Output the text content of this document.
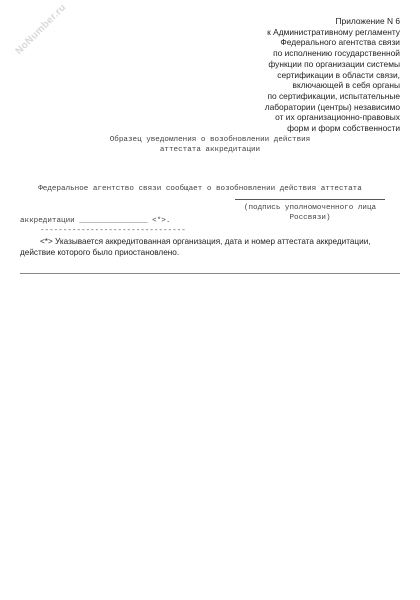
NoNumber.ru	Приложение N 6
к Административному регламенту
Федерального агентства связи
по исполнению государственной
функции по организации системы
сертификации в области связи,
включающей в себя органы
по сертификации, испытательные
лаборатории (центры) независимо
от их организационно-правовых
форм и форм собственности
Образец уведомления о возобновлении действия
аттестата аккредитации

Федеральное агентство связи сообщает о возобновлении действия аттестата

аккредитации _______________ <*>.

(подпись уполномоченного лица
Россвязи)
--------------------------------
<*> Указывается аккредитованная организация, дата и номер аттестата аккредитации,
действие которого было приостановлено.
